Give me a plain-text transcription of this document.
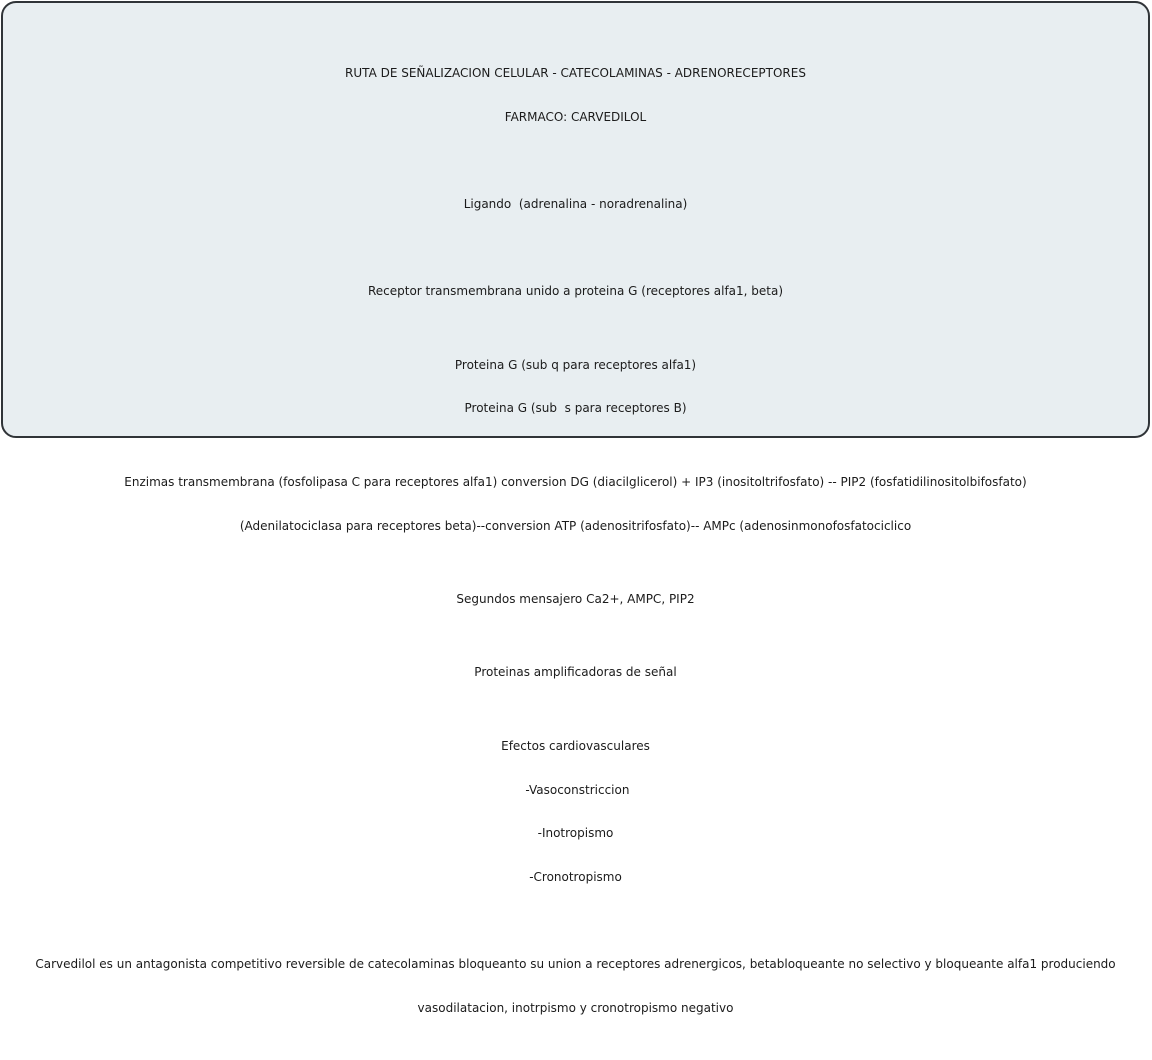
RUTA DE SEÑALIZACION CELULAR - CATECOLAMINAS - ADRENORECEPTORES

FARMACO: CARVEDILOL

Ligando  (adrenalina - noradrenalina)

Receptor transmembrana unido a proteina G (receptores alfa1, beta)

Proteina G (sub q para receptores alfa1)

Proteina G (sub  s para receptores B)

Enzimas transmembrana (fosfolipasa C para receptores alfa1) conversion DG (diacilglicerol) + IP3 (inositoltrifosfato) -- PIP2 (fosfatidilinositolbifosfato)

(Adenilatociclasa para receptores beta)--conversion ATP (adenositrifosfato)-- AMPc (adenosinmonofosfatociclico

Segundos mensajero Ca2+, AMPC, PIP2

Proteinas amplificadoras de señal

Efectos cardiovasculares

-Vasoconstriccion

-Inotropismo

-Cronotropismo

Carvedilol es un antagonista competitivo reversible de catecolaminas bloqueanto su union a receptores adrenergicos, betabloqueante no selectivo y bloqueante alfa1 produciendo

vasodilatacion, inotrpismo y cronotropismo negativo
